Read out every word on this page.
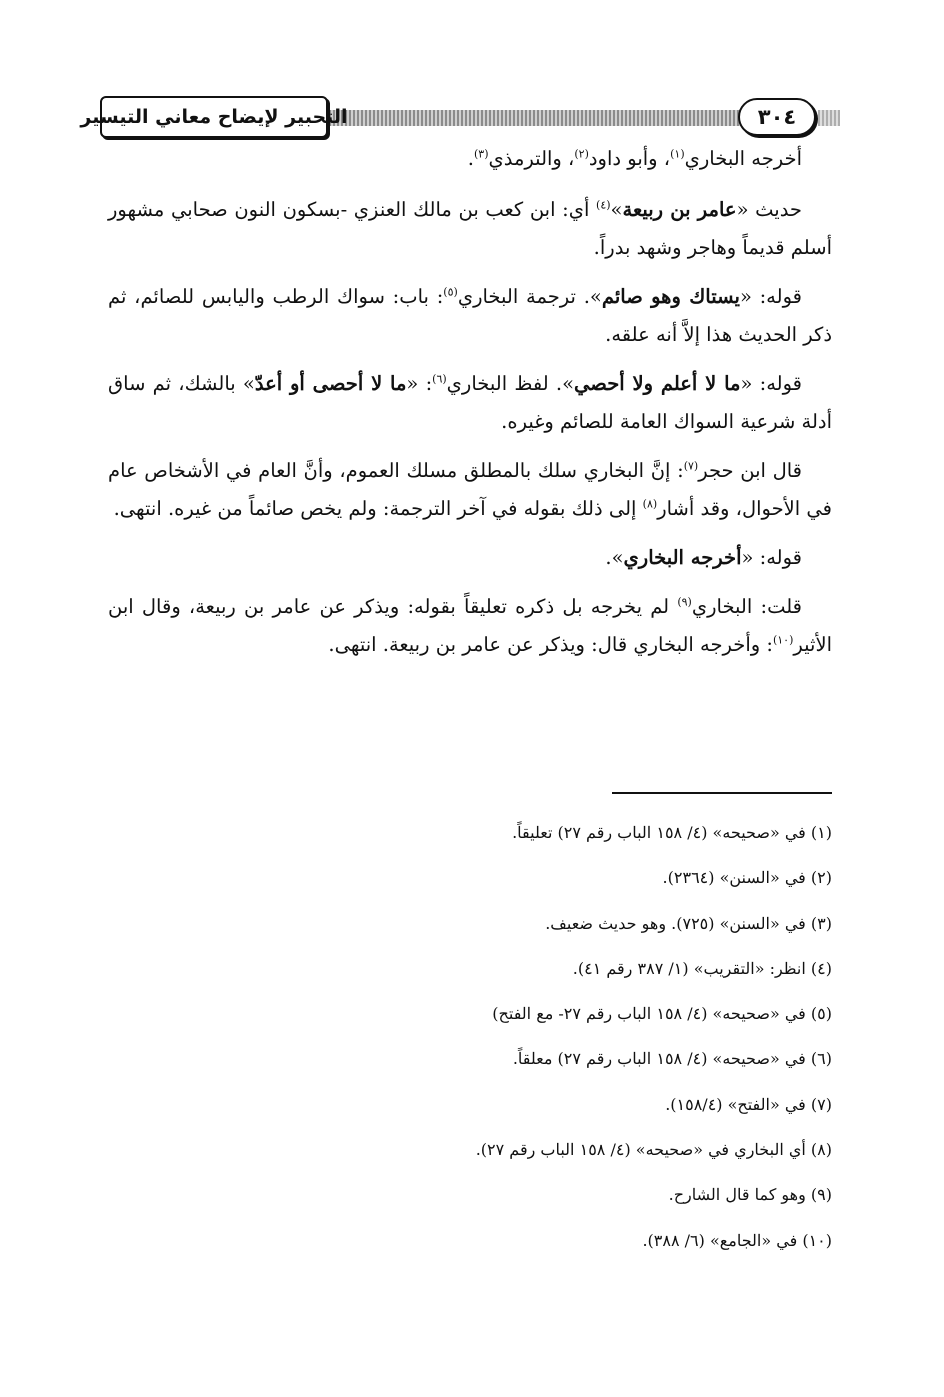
التحبير لإيضاح معاني التيسير	٣٠٤

أخرجه البخاري$^{(١)}$، وأبو داود$^{(٢)}$، والترمذي$^{(٣)}$.

حديث «عامر بن ربيعة»$^{(٤)}$ أي: ابن كعب بن مالك العنزي -بسكون النون صحابي مشهور أسلم قديماً وهاجر وشهد بدراً.

قوله: «يستاك وهو صائم». ترجمة البخاري$^{(٥)}$: باب: سواك الرطب واليابس للصائم، ثم ذكر الحديث هذا إلاَّ أنه علقه.

قوله: «ما لا أعلم ولا أحصي». لفظ البخاري$^{(٦)}$: «ما لا أحصى أو أعدّ» بالشك، ثم ساق أدلة شرعية السواك العامة للصائم وغيره.

قال ابن حجر$^{(٧)}$: إنَّ البخاري سلك بالمطلق مسلك العموم، وأنَّ العام في الأشخاص عام في الأحوال، وقد أشار$^{(٨)}$ إلى ذلك بقوله في آخر الترجمة: ولم يخص صائماً من غيره. انتهى.

قوله: «أخرجه البخاري».

قلت: البخاري$^{(٩)}$ لم يخرجه بل ذكره تعليقاً بقوله: ويذكر عن عامر بن ربيعة، وقال ابن الأثير$^{(١٠)}$: وأخرجه البخاري قال: ويذكر عن عامر بن ربيعة. انتهى.

(١) في «صحيحه» (٤/ ١٥٨ الباب رقم ٢٧) تعليقاً.
(٢) في «السنن» (٢٣٦٤).
(٣) في «السنن» (٧٢٥). وهو حديث ضعيف.
(٤) انظر: «التقريب» (١/ ٣٨٧ رقم ٤١).
(٥) في «صحيحه» (٤/ ١٥٨ الباب رقم ٢٧- مع الفتح)
(٦) في «صحيحه» (٤/ ١٥٨ الباب رقم ٢٧) معلقاً.
(٧) في «الفتح» (١٥٨/٤).
(٨) أي البخاري في «صحيحه» (٤/ ١٥٨ الباب رقم ٢٧).
(٩) وهو كما قال الشارح.
(١٠) في «الجامع» (٦/ ٣٨٨).
